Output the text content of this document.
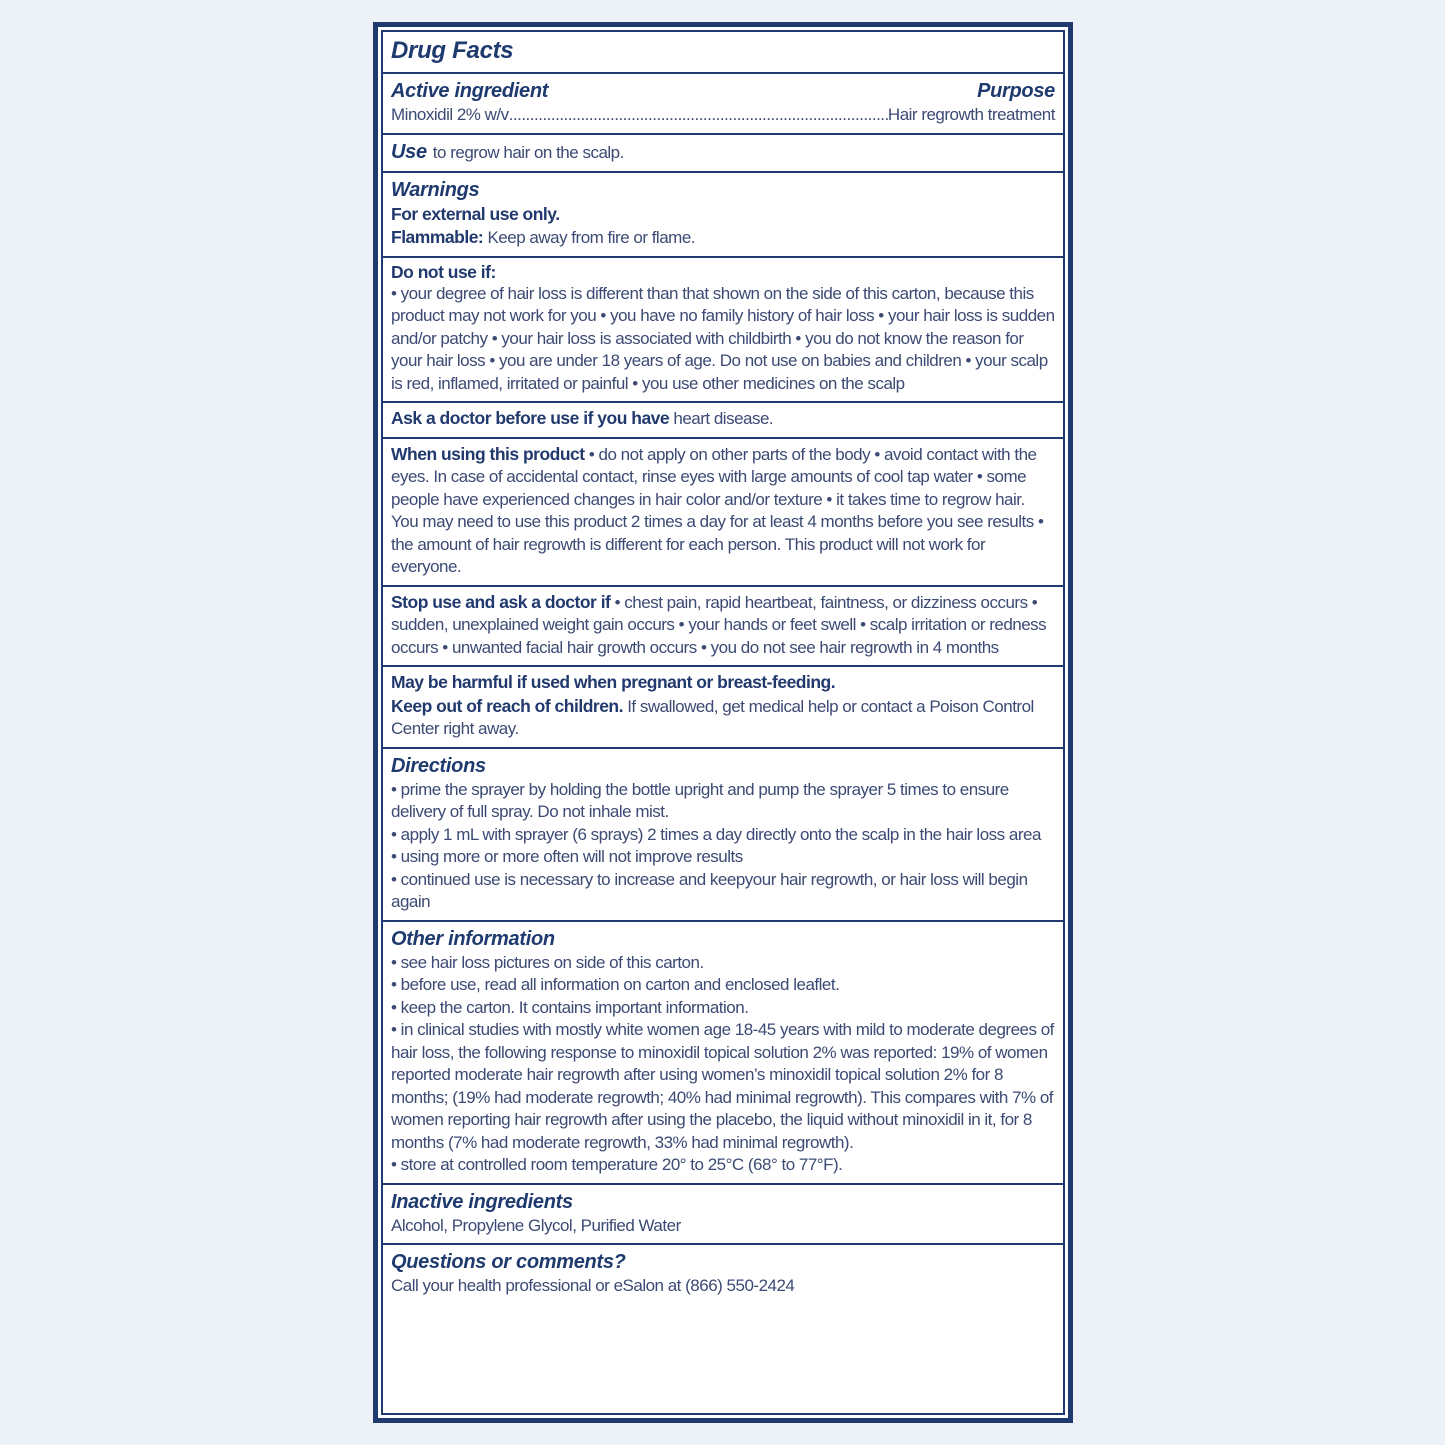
Drug Facts
Active ingredient	Purpose
Minoxidil 2% w/v .....	Hair regrowth treatment

Use to regrow hair on the scalp.

Warnings

For external use only.

Flammable: Keep away from fire or flame.

Do not use if:

• your degree of hair loss is different than that shown on the side of this carton, because this product may not work for you • you have no family history of hair loss • your hair loss is sudden and/or patchy • your hair loss is associated with childbirth • you do not know the reason for your hair loss • you are under 18 years of age. Do not use on babies and children • your scalp is red, inflamed, irritated or painful • you use other medicines on the scalp

Ask a doctor before use if you have heart disease.

When using this product • do not apply on other parts of the body • avoid contact with the eyes. In case of accidental contact, rinse eyes with large amounts of cool tap water • some people have experienced changes in hair color and/or texture • it takes time to regrow hair. You may need to use this product 2 times a day for at least 4 months before you see results • the amount of hair regrowth is different for each person. This product will not work for everyone.

Stop use and ask a doctor if • chest pain, rapid heartbeat, faintness, or dizziness occurs • sudden, unexplained weight gain occurs • your hands or feet swell • scalp irritation or redness occurs • unwanted facial hair growth occurs • you do not see hair regrowth in 4 months

May be harmful if used when pregnant or breast-feeding.

Keep out of reach of children. If swallowed, get medical help or contact a Poison Control Center right away.

Directions

• prime the sprayer by holding the bottle upright and pump the sprayer 5 times to ensure delivery of full spray. Do not inhale mist.

• apply 1 mL with sprayer (6 sprays) 2 times a day directly onto the scalp in the hair loss area

• using more or more often will not improve results

• continued use is necessary to increase and keepyour hair regrowth, or hair loss will begin again

Other information

• see hair loss pictures on side of this carton.

• before use, read all information on carton and enclosed leaflet.

• keep the carton. It contains important information.

• in clinical studies with mostly white women age 18-45 years with mild to moderate degrees of hair loss, the following response to minoxidil topical solution 2% was reported: 19% of women reported moderate hair regrowth after using women’s minoxidil topical solution 2% for 8 months; (19% had moderate regrowth; 40% had minimal regrowth). This compares with 7% of women reporting hair regrowth after using the placebo, the liquid without minoxidil in it, for 8 months (7% had moderate regrowth, 33% had minimal regrowth).

• store at controlled room temperature 20° to 25°C (68° to 77°F).

Inactive ingredients

Alcohol, Propylene Glycol, Purified Water

Questions or comments?

Call your health professional or eSalon at (866) 550-2424
